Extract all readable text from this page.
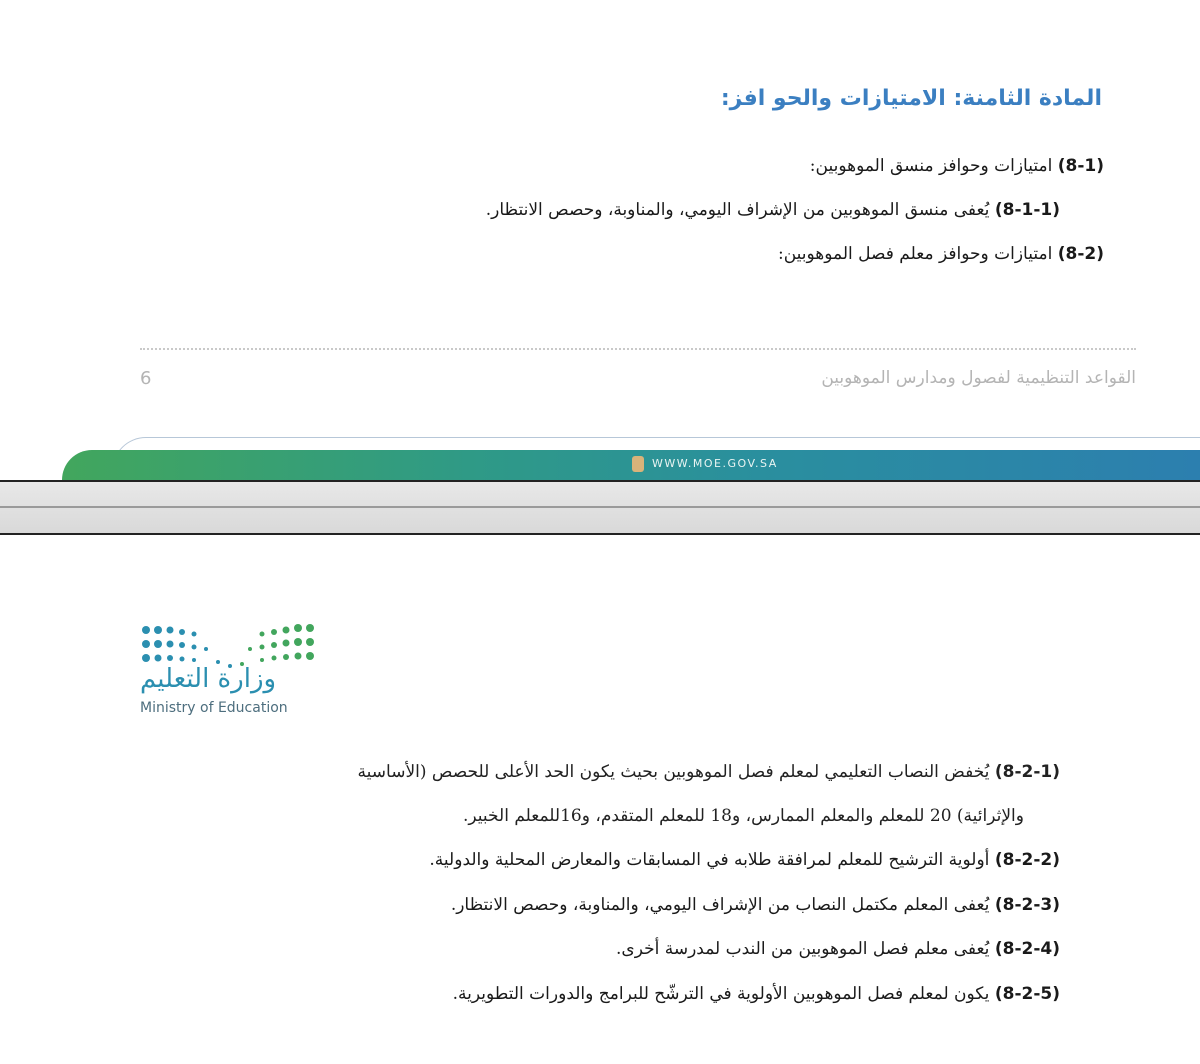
المادة الثامنة: الامتيازات والحو افز:
(8-1) امتيازات وحوافز منسق الموهوبين:
(8-1-1) يُعفى منسق الموهوبين من الإشراف اليومي، والمناوبة، وحصص الانتظار.
(8-2) امتيازات وحوافز معلم فصل الموهوبين:
القواعد التنظيمية لفصول ومدارس الموهوبين
6
WWW.MOE.GOV.SA
وزارة التعليم
Ministry of Education
(8-2-1) يُخفض النصاب التعليمي لمعلم فصل الموهوبين بحيث يكون الحد الأعلى للحصص (الأساسية
والإثرائية) 20 للمعلم والمعلم الممارس، و18 للمعلم المتقدم، و16للمعلم الخبير.
(8-2-2) أولوية الترشيح للمعلم لمرافقة طلابه في المسابقات والمعارض المحلية والدولية.
(8-2-3) يُعفى المعلم مكتمل النصاب من الإشراف اليومي، والمناوبة، وحصص الانتظار.
(8-2-4) يُعفى معلم فصل الموهوبين من الندب لمدرسة أخرى.
(8-2-5) يكون لمعلم فصل الموهوبين الأولوية في الترشّح للبرامج والدورات التطويرية.
